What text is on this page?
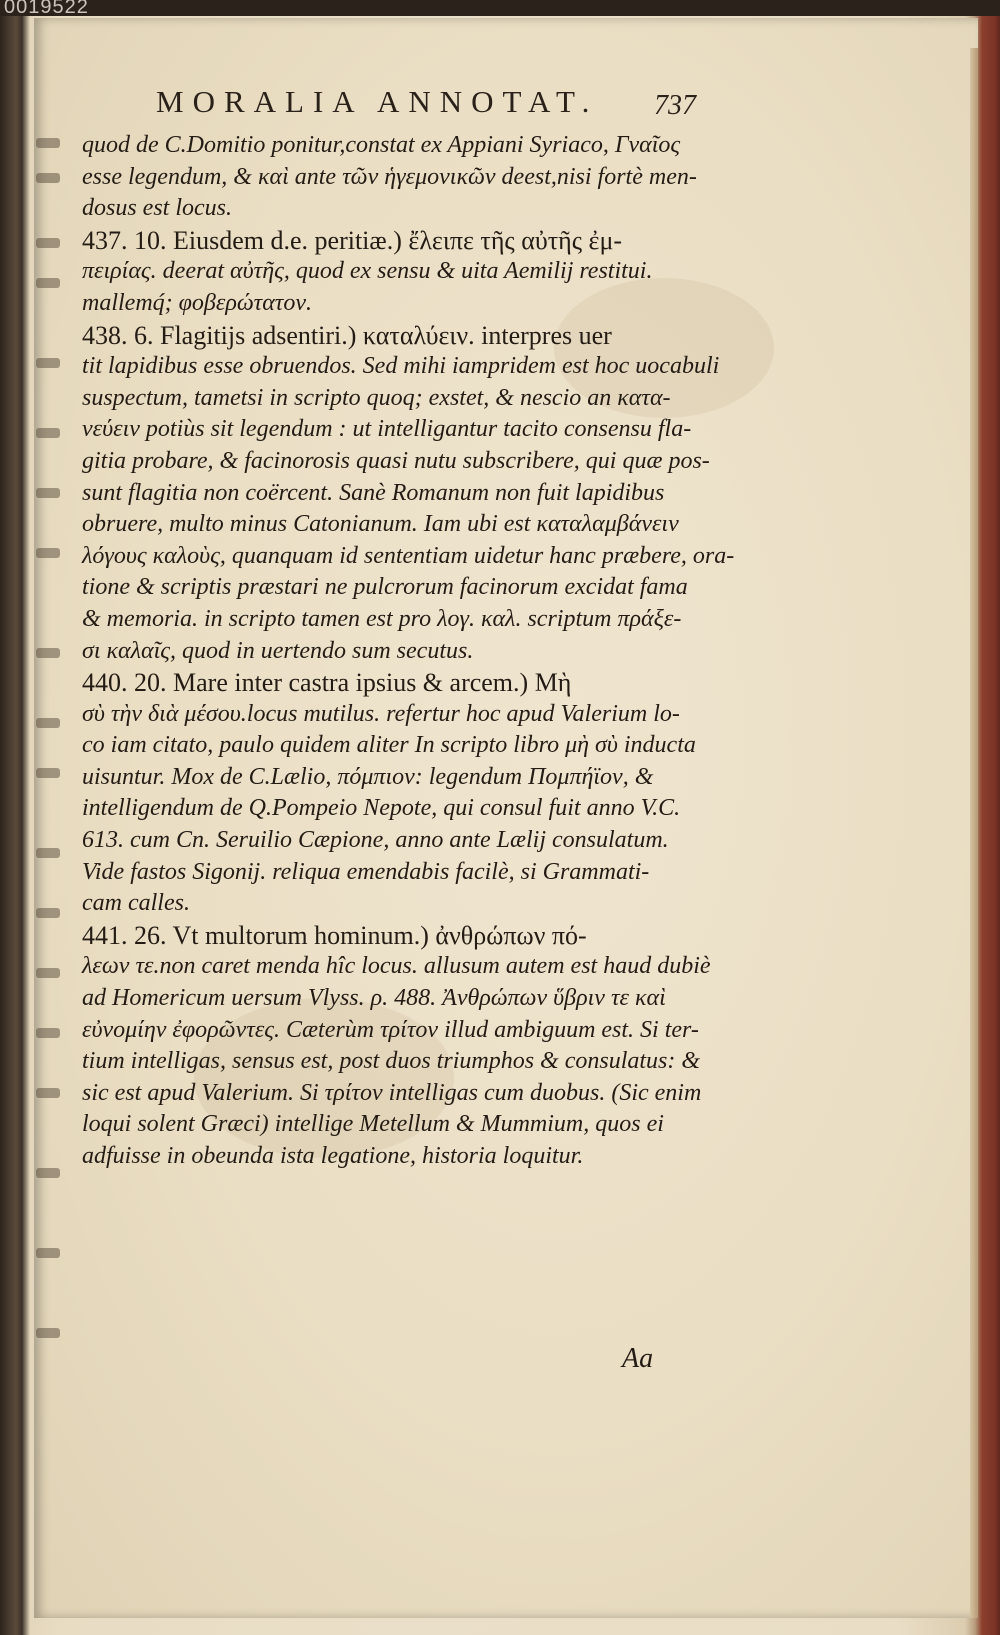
0019522
MORALIA ANNOTAT. 737
quod de C.Domitio ponitur,constat ex Appiani Syriaco, Γναῖος
esse legendum, & καὶ ante τῶν ἡγεμονικῶν deest,nisi fortè men-
dosus est locus.
437. 10. Eiusdem d.e. peritiæ.) ἔλειπε τῆς αὐτῆς ἐμ-
πειρίας. deerat αὐτῆς, quod ex sensu & uita Aemilij restitui.
mallemq́; φοβερώτατον.
438. 6. Flagitijs adsentiri.) καταλύειν. interpres uer
tit lapidibus esse obruendos. Sed mihi iampridem est hoc uocabuli
suspectum, tametsi in scripto quoq; exstet, & nescio an κατα-
νεύειν potiùs sit legendum : ut intelligantur tacito consensu fla-
gitia probare, & facinorosis quasi nutu subscribere, qui quæ pos-
sunt flagitia non coërcent. Sanè Romanum non fuit lapidibus
obruere, multo minus Catonianum. Iam ubi est καταλαμβάνειν
λόγους καλοὺς, quanquam id sententiam uidetur hanc præbere, ora-
tione & scriptis præstari ne pulcrorum facinorum excidat fama
& memoria. in scripto tamen est pro λογ. καλ. scriptum πράξε-
σι καλαῖς, quod in uertendo sum secutus.
440. 20. Mare inter castra ipsius & arcem.) Μὴ
σὺ τὴν διὰ μέσου.locus mutilus. refertur hoc apud Valerium lo-
co iam citato, paulo quidem aliter In scripto libro μὴ σὺ inducta
uisuntur. Mox de C.Lælio, πόμπιον: legendum Πομπήϊον, &
intelligendum de Q.Pompeio Nepote, qui consul fuit anno V.C.
613. cum Cn. Seruilio Cæpione, anno ante Lælij consulatum.
Vide fastos Sigonij. reliqua emendabis facilè, si Grammati-
cam calles.
441. 26. Vt multorum hominum.) ἀνθρώπων πό-
λεων τε.non caret menda hîc locus. allusum autem est haud dubiè
ad Homericum uersum Vlyss. ρ. 488. Ἀνθρώπων ὕβριν τε καὶ
εὐνομίην ἐφορῶντες. Cæterùm τρίτον illud ambiguum est. Si ter-
tium intelligas, sensus est, post duos triumphos & consulatus: &
sic est apud Valerium. Si τρίτον intelligas cum duobus. (Sic enim
loqui solent Græci) intellige Metellum & Mummium, quos ei
adfuisse in obeunda ista legatione, historia loquitur.
Aa
